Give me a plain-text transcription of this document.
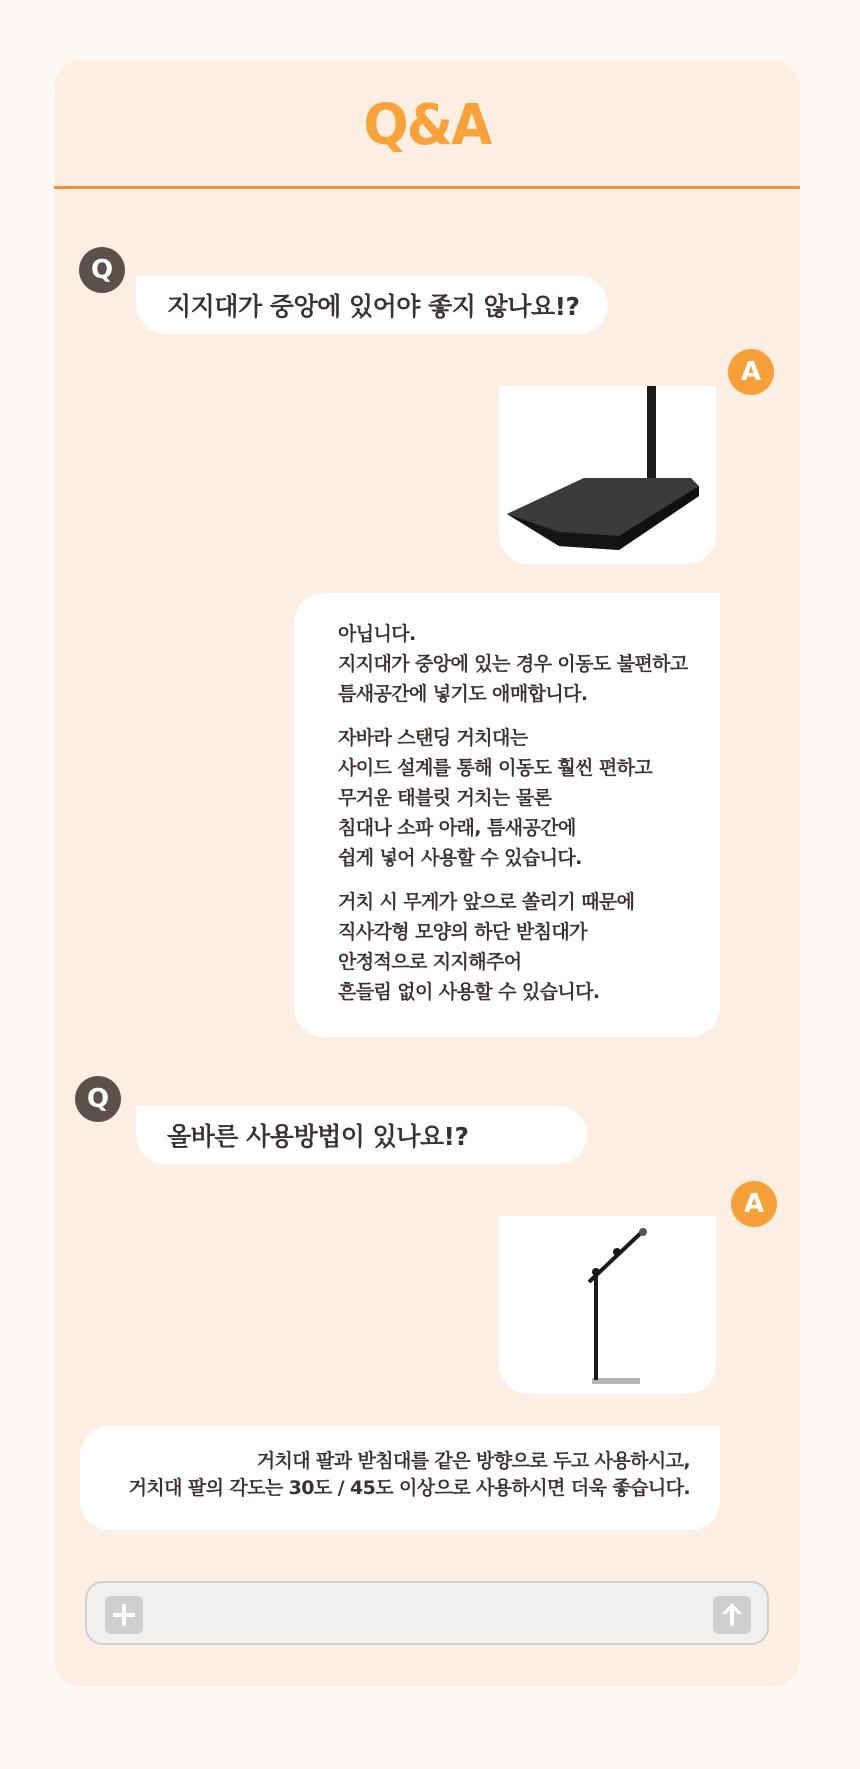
Q&A
Q
지지대가 중앙에 있어야 좋지 않나요!?
A

아닙니다.
지지대가 중앙에 있는 경우 이동도 불편하고
틈새공간에 넣기도 애매합니다.

자바라 스탠딩 거치대는
사이드 설계를 통해 이동도 훨씬 편하고
무거운 태블릿 거치는 물론
침대나 소파 아래, 틈새공간에
쉽게 넣어 사용할 수 있습니다.

거치 시 무게가 앞으로 쏠리기 때문에
직사각형 모양의 하단 받침대가
안정적으로 지지해주어
흔들림 없이 사용할 수 있습니다.

Q
올바른 사용방법이 있나요!?
A
거치대 팔과 받침대를 같은 방향으로 두고 사용하시고,
거치대 팔의 각도는 30도 / 45도 이상으로 사용하시면 더욱 좋습니다.
